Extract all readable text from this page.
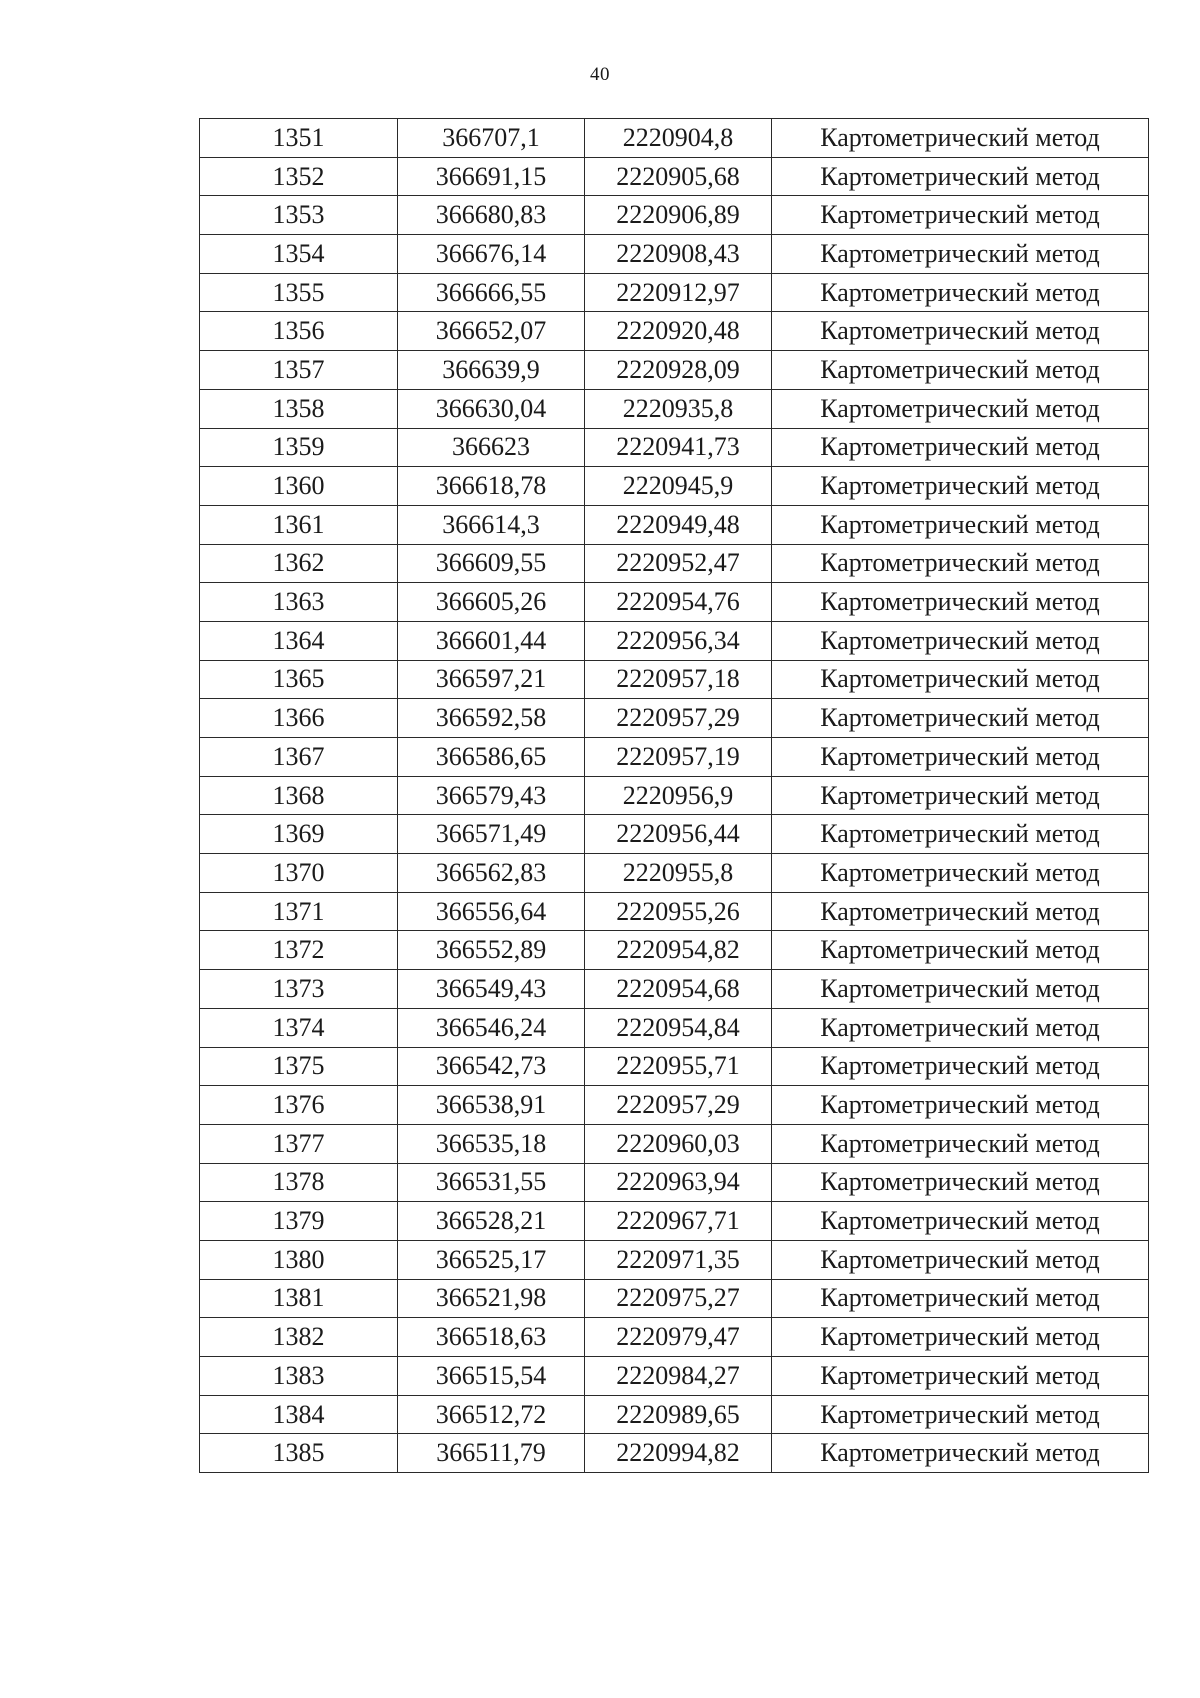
40
1351	366707,1	2220904,8	Картометрический метод
1352	366691,15	2220905,68	Картометрический метод
1353	366680,83	2220906,89	Картометрический метод
1354	366676,14	2220908,43	Картометрический метод
1355	366666,55	2220912,97	Картометрический метод
1356	366652,07	2220920,48	Картометрический метод
1357	366639,9	2220928,09	Картометрический метод
1358	366630,04	2220935,8	Картометрический метод
1359	366623	2220941,73	Картометрический метод
1360	366618,78	2220945,9	Картометрический метод
1361	366614,3	2220949,48	Картометрический метод
1362	366609,55	2220952,47	Картометрический метод
1363	366605,26	2220954,76	Картометрический метод
1364	366601,44	2220956,34	Картометрический метод
1365	366597,21	2220957,18	Картометрический метод
1366	366592,58	2220957,29	Картометрический метод
1367	366586,65	2220957,19	Картометрический метод
1368	366579,43	2220956,9	Картометрический метод
1369	366571,49	2220956,44	Картометрический метод
1370	366562,83	2220955,8	Картометрический метод
1371	366556,64	2220955,26	Картометрический метод
1372	366552,89	2220954,82	Картометрический метод
1373	366549,43	2220954,68	Картометрический метод
1374	366546,24	2220954,84	Картометрический метод
1375	366542,73	2220955,71	Картометрический метод
1376	366538,91	2220957,29	Картометрический метод
1377	366535,18	2220960,03	Картометрический метод
1378	366531,55	2220963,94	Картометрический метод
1379	366528,21	2220967,71	Картометрический метод
1380	366525,17	2220971,35	Картометрический метод
1381	366521,98	2220975,27	Картометрический метод
1382	366518,63	2220979,47	Картометрический метод
1383	366515,54	2220984,27	Картометрический метод
1384	366512,72	2220989,65	Картометрический метод
1385	366511,79	2220994,82	Картометрический метод
